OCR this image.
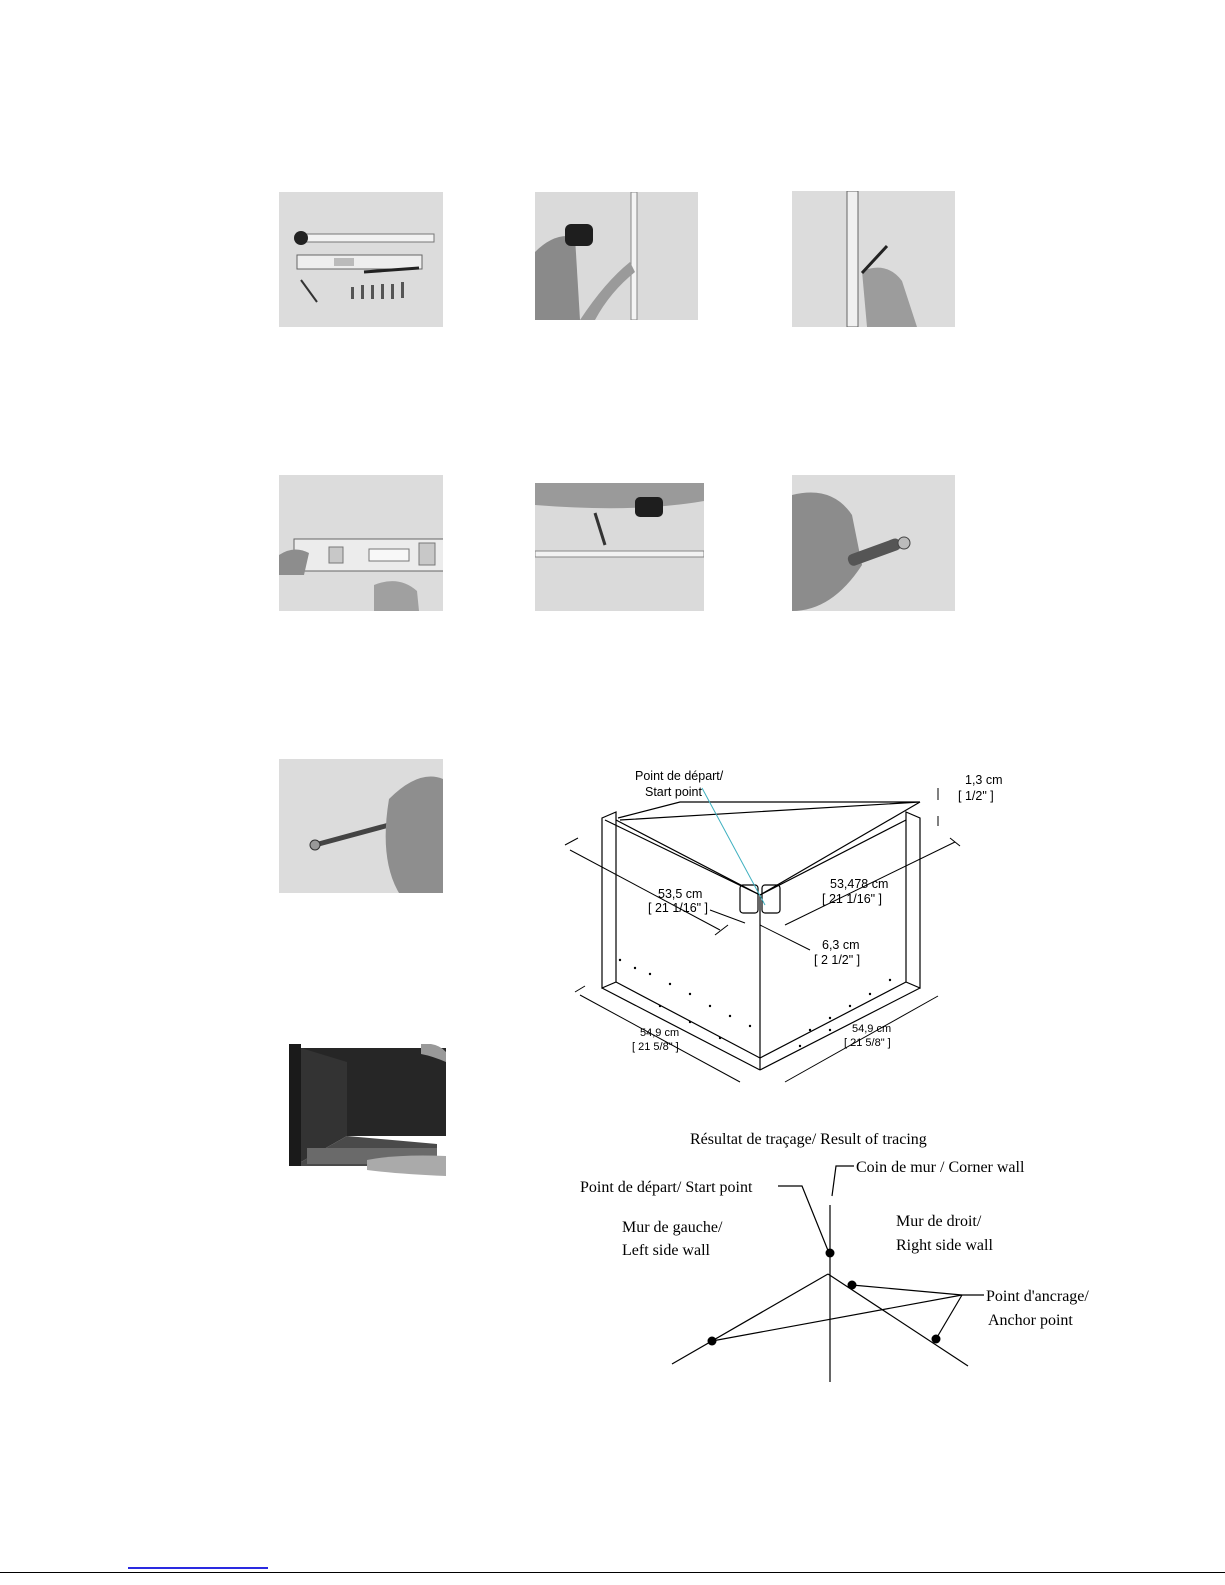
Point de départ/
Start point
1,3 cm
[ 1/2" ]
53,5 cm
[ 21 1/16" ]
53,478 cm
[ 21 1/16" ]
6,3 cm
[ 2 1/2" ]
54,9 cm
[ 21 5/8" ]
54,9 cm
[ 21 5/8" ]
Résultat de traçage/ Result of tracing
Point de départ/ Start point
Coin de mur / Corner wall
Mur de gauche/
Left side wall
Mur de droit/
Right side wall
Point d'ancrage/
Anchor point
